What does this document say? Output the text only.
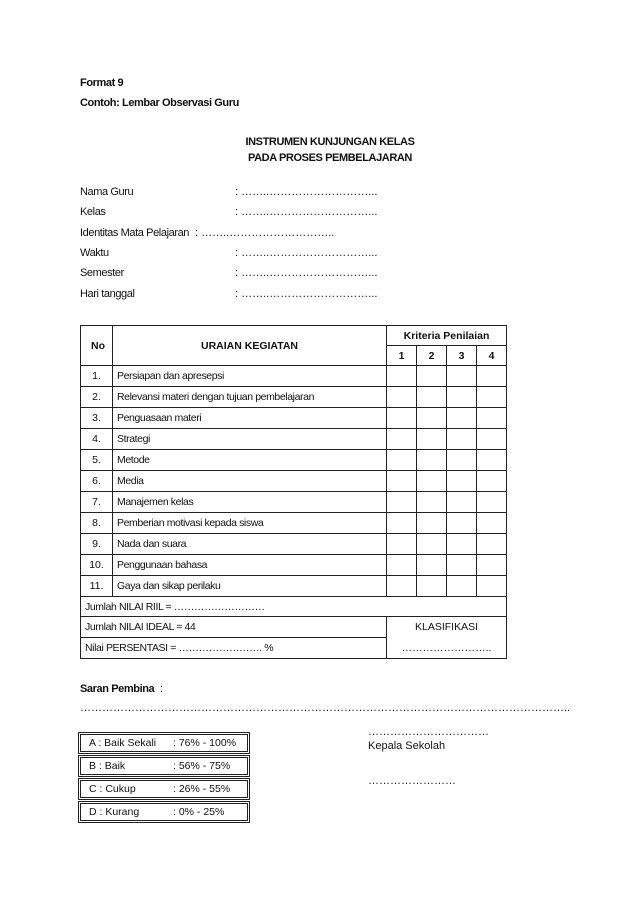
Format 9
Contoh: Lembar Observasi Guru
INSTRUMEN KUNJUNGAN KELAS
PADA PROSES PEMBELAJARAN
Nama Guru	: ……..………………………...
Kelas	: ……..………………………...
Identitas Mata Pelajaran : ……..………………………..
Waktu	: ……..………………………...
Semester	: ……..………………………...
Hari tanggal	: ……..………………………...
No	URAIAN KEGIATAN	Kriteria Penilaian			
		1	2	3	4
1.	Persiapan dan apresepsi				
2.	Relevansi materi dengan tujuan pembelajaran				
3.	Penguasaan materi				
4.	Strategi				
5.	Metode				
6.	Media				
7.	Manajemen kelas				
8.	Pemberian motivasi kepada siswa				
9.	Nada dan suara				
10.	Penggunaan bahasa				
11.	Gaya dan sikap perilaku				
Jumlah NILAI RIIL = ………………………					
Jumlah NILAI IDEAL = 44		KLASIFIKASI			
Nilai PERSENTASI = ……………………. %		……………………..			
Saran Pembina :
……………………………………………………………………………………………………………………..
A : Baik Sekali : 76% - 100%
B : Baik	: 56% - 75%
C : Cukup	: 26% - 55%
D : Kurang	: 0% - 25%
……………………………
Kepala Sekolah
……………………
